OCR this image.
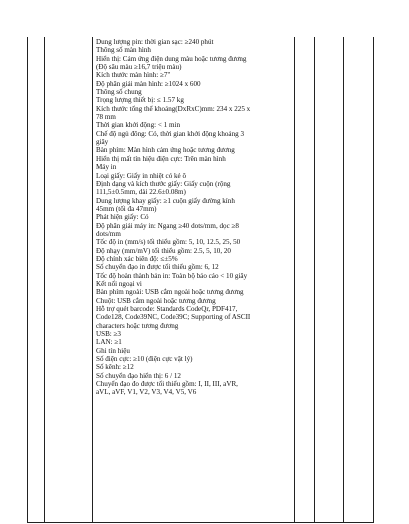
Dung lượng pin: thời gian sạc: ≥240 phút
Thông số màn hình
Hiển thị: Cảm ứng điện dung màu hoặc tương đương
(Độ sâu màu ≥16,7 triệu màu)
Kích thước màn hình: ≥7"
Độ phân giải màn hình: ≥1024 x 600
Thông số chung
Trọng lượng thiết bị: ≤ 1.57 kg
Kích thước tổng thể khoảng(DxRxC)mm: 234 x 225 x
78 mm
Thời gian khởi động: < 1 min
Chế độ ngủ đông: Có, thời gian khởi động khoảng 3
giây
Bàn phím: Màn hình cảm ứng hoặc tương đương
Hiển thị mất tín hiệu điện cực: Trên màn hình
Máy in
Loại giấy: Giấy in nhiệt có kẻ ô
Định dạng và kích thước giấy: Giấy cuộn (rộng
111,5±0.5mm, dài 22.6±0.08m)
Dung lượng khay giấy: ≥1 cuộn giấy đường kính
45mm (tối đa 47mm)
Phát hiện giấy: Có
Độ phân giải máy in: Ngang ≥40 dots/mm, dọc ≥8
dots/mm
Tốc độ in (mm/s) tối thiểu gồm: 5, 10, 12.5, 25, 50
Độ nhạy (mm/mV) tối thiểu gồm: 2.5, 5, 10, 20
Độ chính xác biên độ: ≤±5%
Số chuyển đạo in được tối thiểu gồm: 6, 12
Tốc độ hoàn thành bản in: Toàn bộ báo cáo < 10 giây
Kết nối ngoại vi
Bàn phím ngoài: USB cắm ngoài hoặc tương đương
Chuột: USB cắm ngoài hoặc tương đương
Hỗ trợ quét barcode: Standards CodeQr, PDF417,
Code128, Code39NC, Code39C; Supporting of ASCII
characters hoặc tương đương
USB: ≥3
LAN: ≥1
Ghi tín hiệu
Số điện cực: ≥10 (điện cực vật lý)
Số kênh: ≥12
Số chuyển đạo hiển thị: 6 / 12
Chuyển đạo đo được tối thiểu gồm: I, II, III, aVR,
aVL, aVF, V1, V2, V3, V4, V5, V6
